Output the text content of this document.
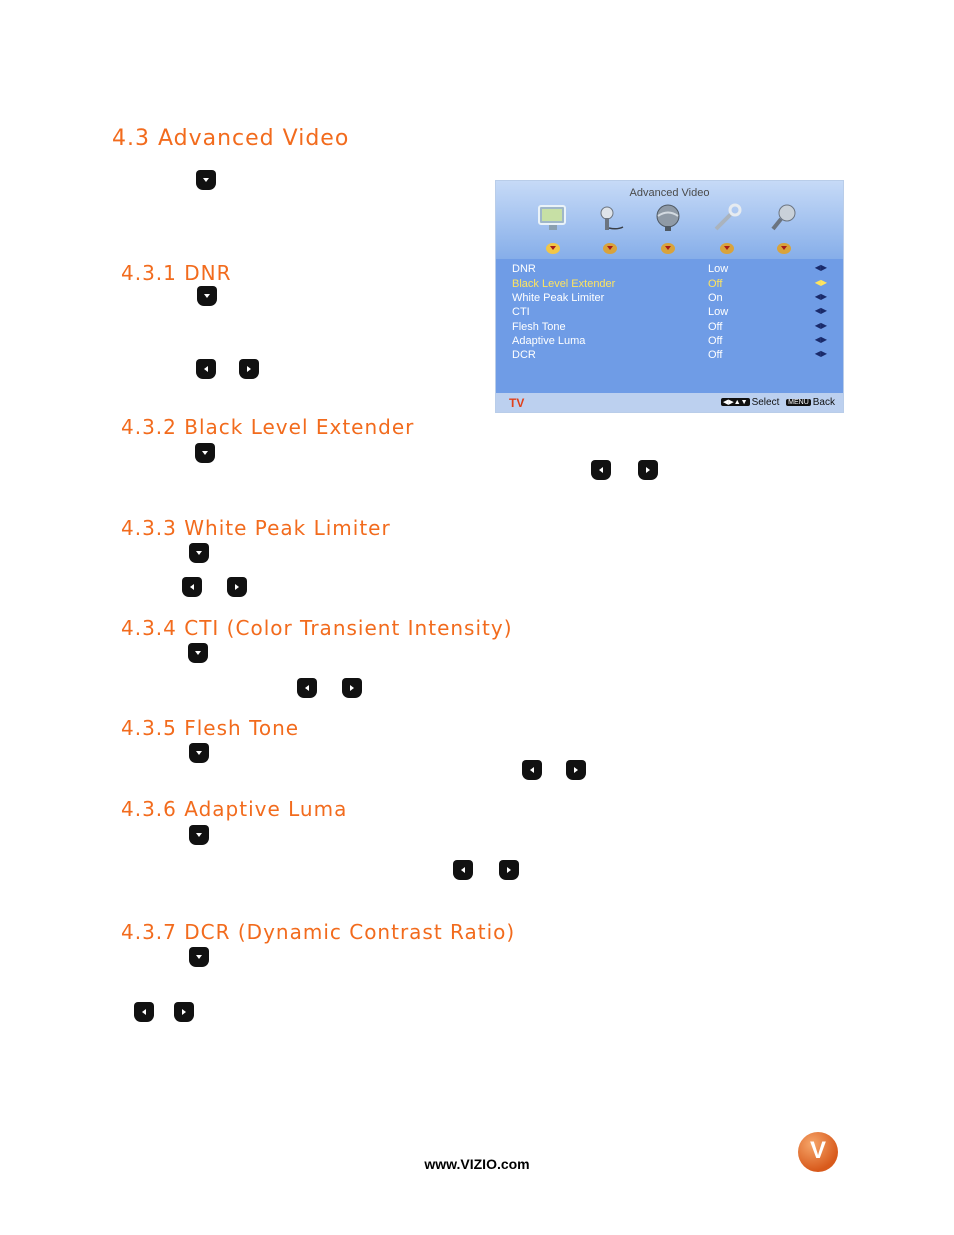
4.3 Advanced Video
Advanced Video
DNR	Low	◀▶
Black Level Extender	Off	◀▶
White Peak Limiter	On	◀▶
CTI	Low	◀▶
Flesh Tone	Off	◀▶
Adaptive Luma	Off	◀▶
DCR	Off	◀▶
TV	◀▶▲▼ Select MENU Back
4.3.1 DNR
4.3.2 Black Level Extender
4.3.3 White Peak Limiter
4.3.4 CTI (Color Transient Intensity)
4.3.5 Flesh Tone
4.3.6 Adaptive Luma
4.3.7 DCR (Dynamic Contrast Ratio)
www.VIZIO.com	V
